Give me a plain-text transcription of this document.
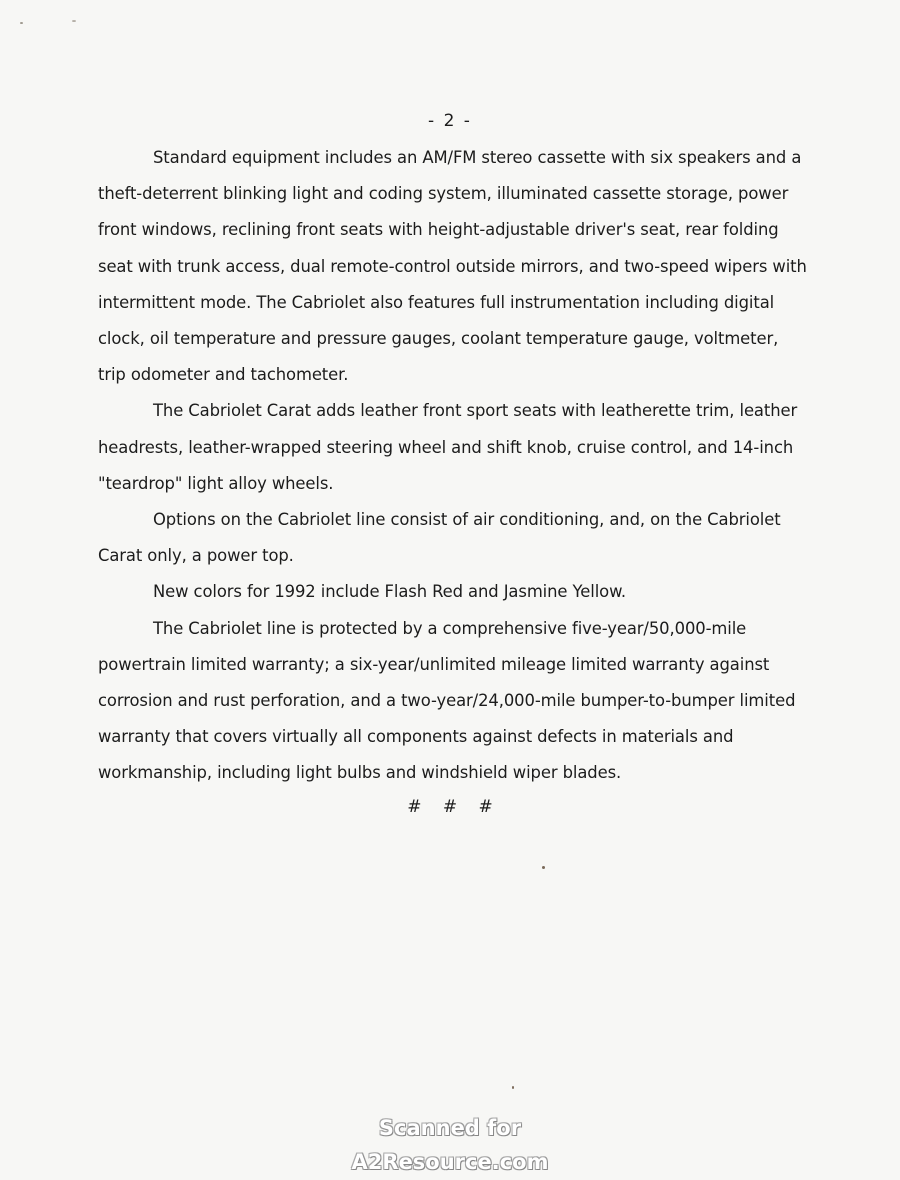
- 2 -

Standard equipment includes an AM/FM stereo cassette with six speakers and a theft-deterrent blinking light and coding system, illuminated cassette storage, power front windows, reclining front seats with height-adjustable driver's seat, rear folding seat with trunk access, dual remote-control outside mirrors, and two-speed wipers with intermittent mode. The Cabriolet also features full instrumentation including digital clock, oil temperature and pressure gauges, coolant temperature gauge, voltmeter, trip odometer and tachometer.

The Cabriolet Carat adds leather front sport seats with leatherette trim, leather headrests, leather-wrapped steering wheel and shift knob, cruise control, and 14-inch "teardrop" light alloy wheels.

Options on the Cabriolet line consist of air conditioning, and, on the Cabriolet Carat only, a power top.

New colors for 1992 include Flash Red and Jasmine Yellow.

The Cabriolet line is protected by a comprehensive five-year/50,000-mile powertrain limited warranty; a six-year/unlimited mileage limited warranty against corrosion and rust perforation, and a two-year/24,000-mile bumper-to-bumper limited warranty that covers virtually all components against defects in materials and workmanship, including light bulbs and windshield wiper blades.

# # #
Scanned for
A2Resource.com
